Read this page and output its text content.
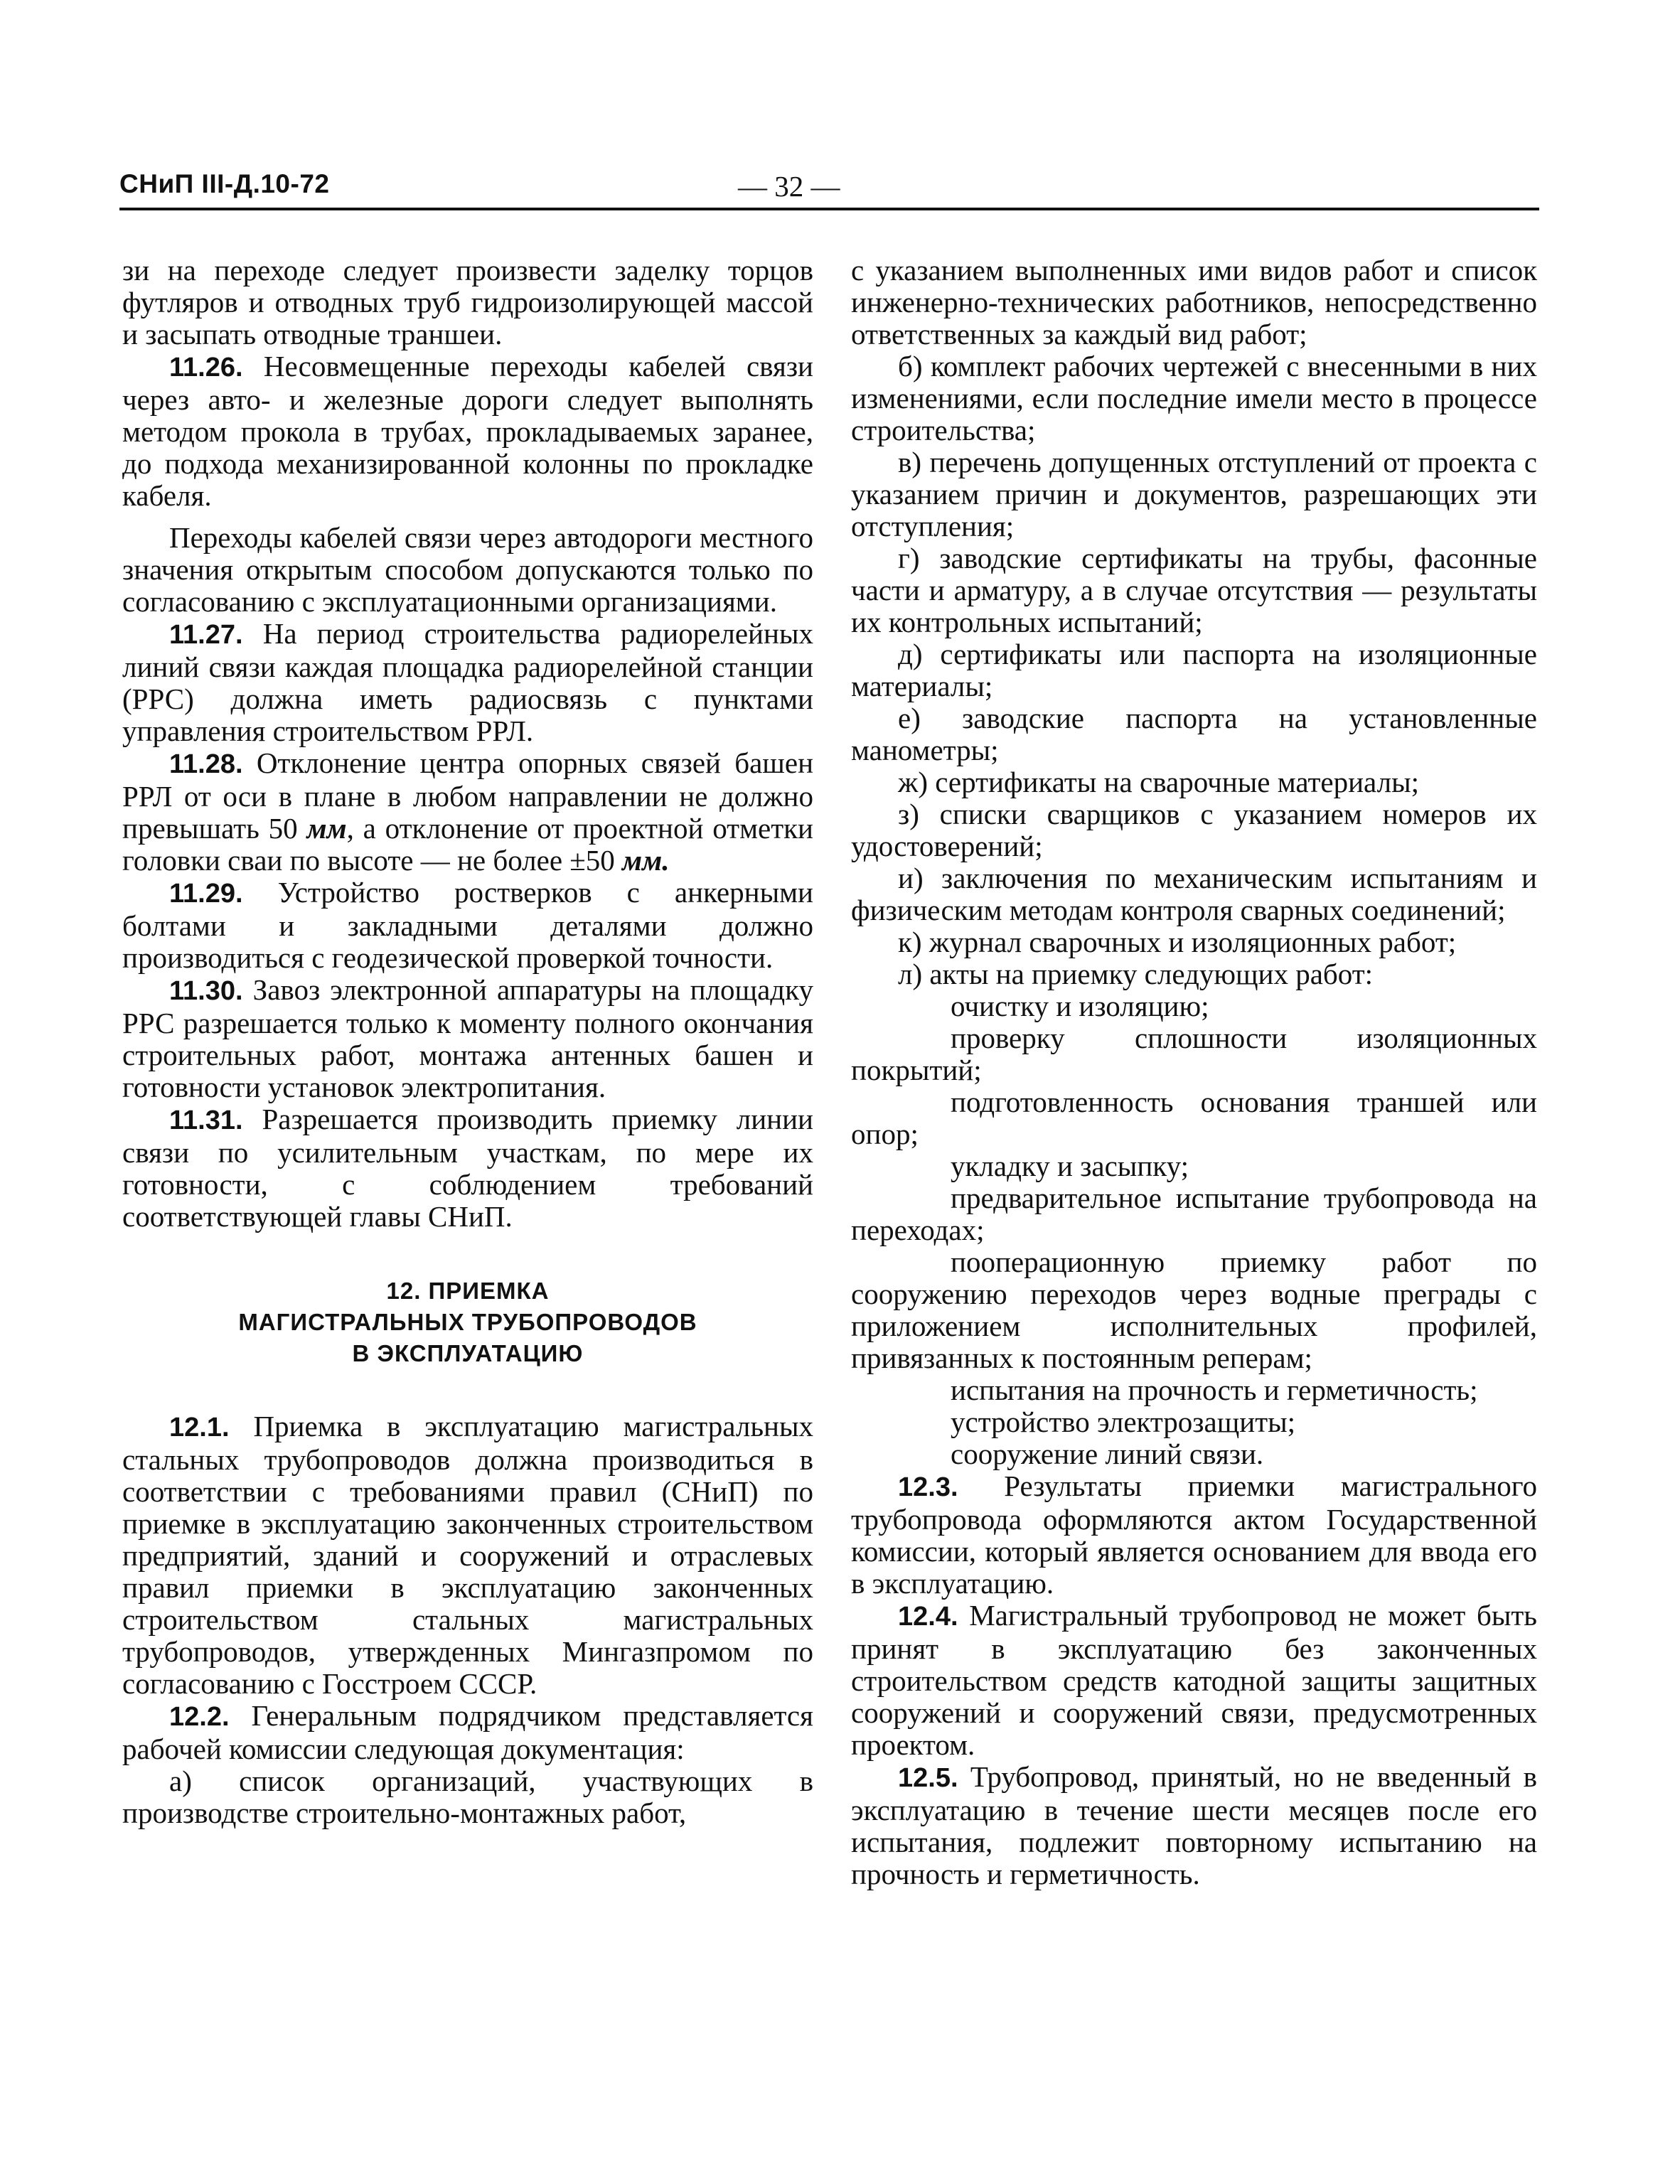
СНиП III-Д.10-72	— 32 —

зи на переходе следует произвести заделку торцов футляров и отводных труб гидроизолирующей массой и засыпать отводные траншеи.

11.26. Несовмещенные переходы кабелей связи через авто- и железные дороги следует выполнять методом прокола в трубах, прокладываемых заранее, до подхода механизированной колонны по прокладке кабеля.

Переходы кабелей связи через автодороги местного значения открытым способом допускаются только по согласованию с эксплуатационными организациями.

11.27. На период строительства радиорелейных линий связи каждая площадка радиорелейной станции (РРС) должна иметь радиосвязь с пунктами управления строительством РРЛ.

11.28. Отклонение центра опорных связей башен РРЛ от оси в плане в любом направлении не должно превышать 50 мм, а отклонение от проектной отметки головки сваи по высоте — не более ±50 мм.

11.29. Устройство ростверков с анкерными болтами и закладными деталями должно производиться с геодезической проверкой точности.

11.30. Завоз электронной аппаратуры на площадку РРС разрешается только к моменту полного окончания строительных работ, монтажа антенных башен и готовности установок электропитания.

11.31. Разрешается производить приемку линии связи по усилительным участкам, по мере их готовности, с соблюдением требований соответствующей главы СНиП.

12. ПРИЕМКА
МАГИСТРАЛЬНЫХ ТРУБОПРОВОДОВ
В ЭКСПЛУАТАЦИЮ

12.1. Приемка в эксплуатацию магистральных стальных трубопроводов должна производиться в соответствии с требованиями правил (СНиП) по приемке в эксплуатацию законченных строительством предприятий, зданий и сооружений и отраслевых правил приемки в эксплуатацию законченных строительством стальных магистральных трубопроводов, утвержденных Мингазпромом по согласованию с Госстроем СССР.

12.2. Генеральным подрядчиком представляется рабочей комиссии следующая документация:

а) список организаций, участвующих в производстве строительно-монтажных работ,

с указанием выполненных ими видов работ и список инженерно-технических работников, непосредственно ответственных за каждый вид работ;

б) комплект рабочих чертежей с внесенными в них изменениями, если последние имели место в процессе строительства;

в) перечень допущенных отступлений от проекта с указанием причин и документов, разрешающих эти отступления;

г) заводские сертификаты на трубы, фасонные части и арматуру, а в случае отсутствия — результаты их контрольных испытаний;

д) сертификаты или паспорта на изоляционные материалы;

е) заводские паспорта на установленные манометры;

ж) сертификаты на сварочные материалы;

з) списки сварщиков с указанием номеров их удостоверений;

и) заключения по механическим испытаниям и физическим методам контроля сварных соединений;

к) журнал сварочных и изоляционных работ;

л) акты на приемку следующих работ:

очистку и изоляцию;

проверку сплошности изоляционных покрытий;

подготовленность основания траншей или опор;

укладку и засыпку;

предварительное испытание трубопровода на переходах;

пооперационную приемку работ по сооружению переходов через водные преграды с приложением исполнительных профилей, привязанных к постоянным реперам;

испытания на прочность и герметичность;

устройство электрозащиты;

сооружение линий связи.

12.3. Результаты приемки магистрального трубопровода оформляются актом Государственной комиссии, который является основанием для ввода его в эксплуатацию.

12.4. Магистральный трубопровод не может быть принят в эксплуатацию без законченных строительством средств катодной защиты защитных сооружений и сооружений связи, предусмотренных проектом.

12.5. Трубопровод, принятый, но не введенный в эксплуатацию в течение шести месяцев после его испытания, подлежит повторному испытанию на прочность и герметичность.
